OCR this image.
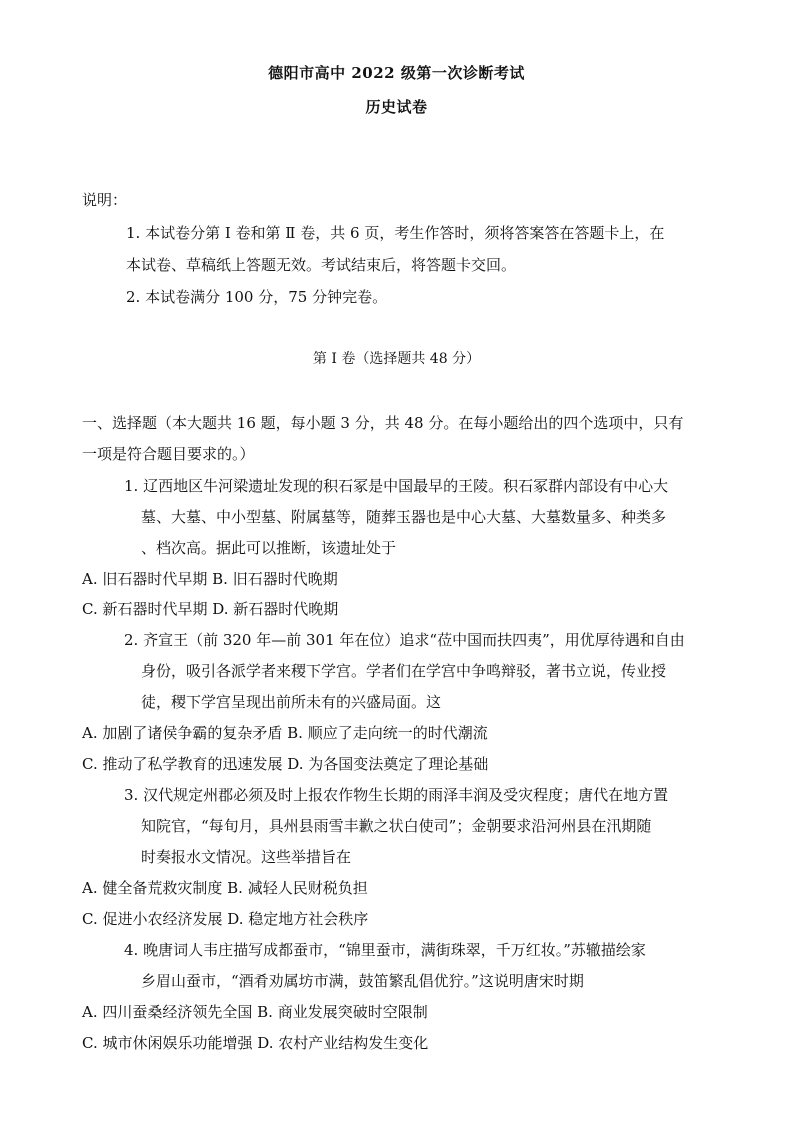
德阳市高中 2022 级第一次诊断考试
历史试卷
说明：
1. 本试卷分第 Ⅰ 卷和第 Ⅱ 卷，共 6 页，考生作答时，须将答案答在答题卡上，在
本试卷、草稿纸上答题无效。考试结束后，将答题卡交回。
2. 本试卷满分 100 分，75 分钟完卷。
第 Ⅰ 卷（选择题共 48 分）
一、选择题（本大题共 16 题，每小题 3 分，共 48 分。在每小题给出的四个选项中，只有
一项是符合题目要求的。）
1. 辽西地区牛河梁遗址发现的积石冢是中国最早的王陵。积石冢群内部设有中心大
墓、大墓、中小型墓、附属墓等，随葬玉器也是中心大墓、大墓数量多、种类多
、档次高。据此可以推断，该遗址处于
A. 旧石器时代早期 B. 旧石器时代晚期
C. 新石器时代早期 D. 新石器时代晚期
2. 齐宣王（前 320 年—前 301 年在位）追求“莅中国而扶四夷”，用优厚待遇和自由
身份，吸引各派学者来稷下学宫。学者们在学宫中争鸣辩驳，著书立说，传业授
徒，稷下学宫呈现出前所未有的兴盛局面。这
A. 加剧了诸侯争霸的复杂矛盾 B. 顺应了走向统一的时代潮流
C. 推动了私学教育的迅速发展 D. 为各国变法奠定了理论基础
3. 汉代规定州郡必须及时上报农作物生长期的雨泽丰润及受灾程度；唐代在地方置
知院官，“每旬月，具州县雨雪丰歉之状白使司”；金朝要求沿河州县在汛期随
时奏报水文情况。这些举措旨在
A. 健全备荒救灾制度 B. 减轻人民财税负担
C. 促进小农经济发展 D. 稳定地方社会秩序
4. 晚唐词人韦庄描写成都蚕市，“锦里蚕市，满街珠翠，千万红妆。”苏辙描绘家
乡眉山蚕市，“酒肴劝属坊市满，鼓笛繁乱倡优狞。”这说明唐宋时期
A. 四川蚕桑经济领先全国 B. 商业发展突破时空限制
C. 城市休闲娱乐功能增强 D. 农村产业结构发生变化
